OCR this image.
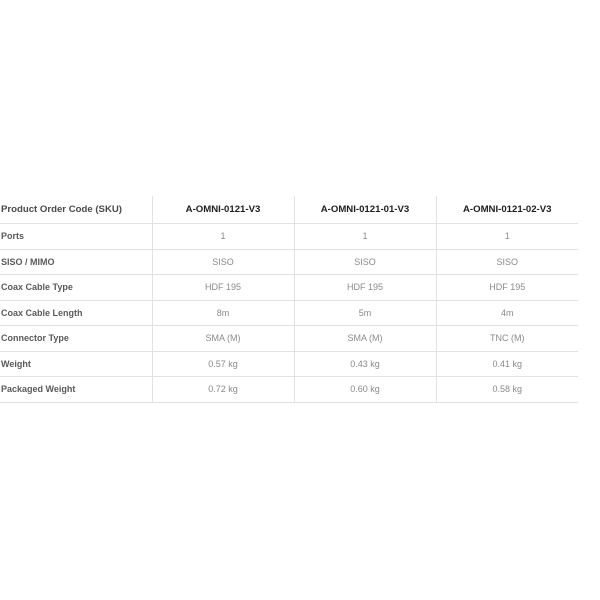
Product Order Code (SKU)	A-OMNI-0121-V3	A-OMNI-0121-01-V3	A-OMNI-0121-02-V3
Ports	1	1	1
SISO / MIMO	SISO	SISO	SISO
Coax Cable Type	HDF 195	HDF 195	HDF 195
Coax Cable Length	8m	5m	4m
Connector Type	SMA (M)	SMA (M)	TNC (M)
Weight	0.57 kg	0.43 kg	0.41 kg
Packaged Weight	0.72 kg	0.60 kg	0.58 kg
